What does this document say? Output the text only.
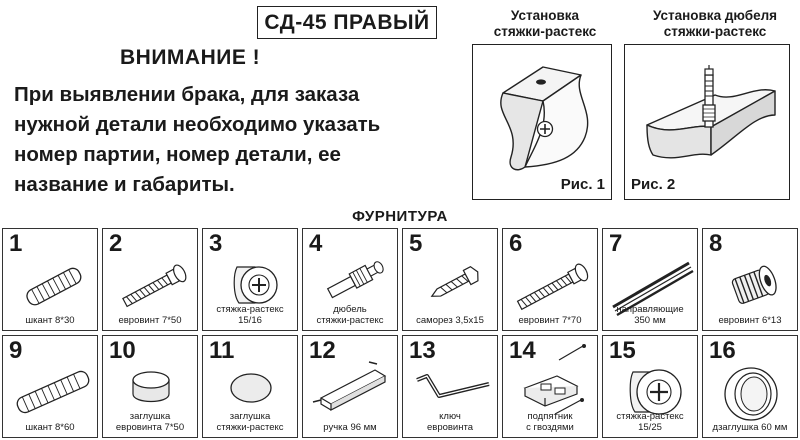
СД-45 ПРАВЫЙ
ВНИМАНИЕ !
При выявлении брака, для заказа
нужной детали необходимо указать
номер партии, номер детали, ее
название и габариты.
Установка
стяжки-растекс
Рис. 1
Установка дюбеля
стяжки-растекс
Рис. 2
ФУРНИТУРА
1
шкант 8*30
2
евровинт 7*50
3
стяжка-растекс
15/16
4
дюбель
стяжки-растекс
5
саморез 3,5х15
6
евровинт 7*70
7
направляющие
350 мм
8
евровинт 6*13
9
шкант 8*60
10
заглушка
евровинта 7*50
11
заглушка
стяжки-растекс
12
ручка 96 мм
13
ключ
евровинта
14
подпятник
с гвоздями
15
стяжка-растекс
15/25
16
дзаглушка 60 мм
